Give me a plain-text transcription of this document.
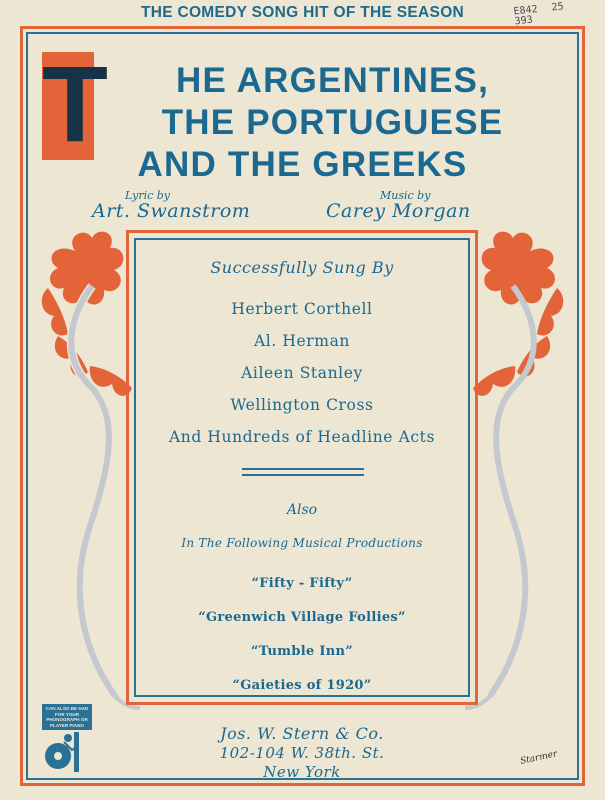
THE COMEDY SONG HIT OF THE SEASON	E842 25
393
T	HE ARGENTINES,
THE PORTUGUESE
AND THE GREEKS
Lyric by
Art. Swanstrom
Music by
Carey Morgan
Successfully Sung By
Herbert Corthell
Al. Herman
Aileen Stanley
Wellington Cross
And Hundreds of Headline Acts
Also
In The Following Musical Productions
“Fifty - Fifty”
“Greenwich Village Follies”
“Tumble Inn”
“Gaieties of 1920”
Jos. W. Stern & Co.
102-104 W. 38th. St.
New York
CAN ALSO BE HAD FOR YOUR PHONOGRAPH OR PLAYER PIANO
Starmer
